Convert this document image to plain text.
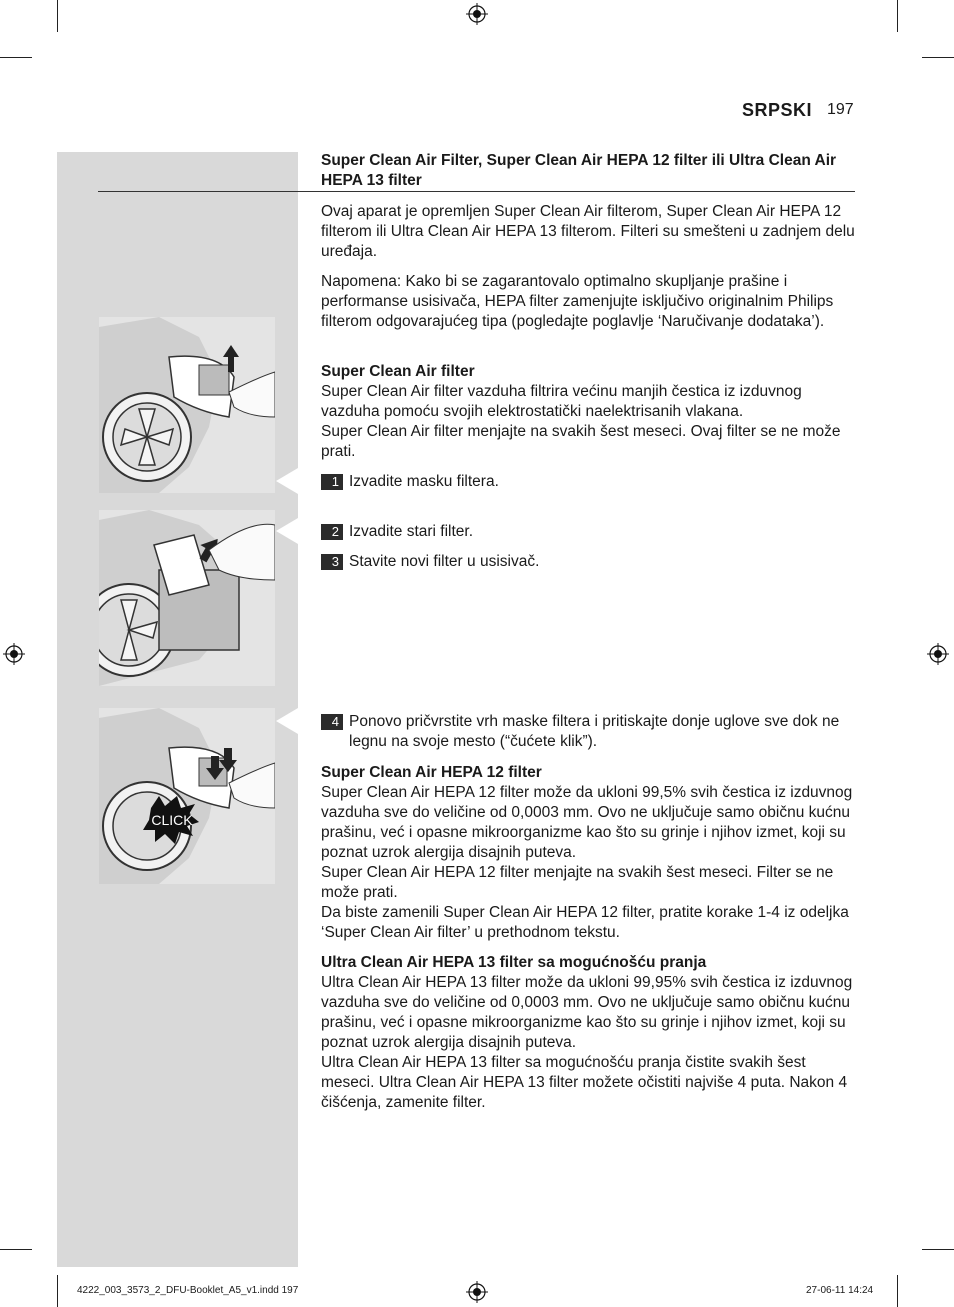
SRPSKI 197
CLICK
Super Clean Air Filter, Super Clean Air HEPA 12 filter ili Ultra Clean Air HEPA 13 filter

Ovaj aparat je opremljen Super Clean Air filterom, Super Clean Air HEPA 12 filterom ili Ultra Clean Air HEPA 13 filterom. Filteri su smešteni u zadnjem delu uređaja.

Napomena: Kako bi se zagarantovalo optimalno skupljanje prašine i performanse usisivača, HEPA filter zamenjujte isključivo originalnim Philips filterom odgovarajućeg tipa (pogledajte poglavlje ‘Naručivanje dodataka’).

Super Clean Air filter

Super Clean Air filter vazduha filtrira većinu manjih čestica iz izduvnog vazduha pomoću svojih elektrostatički naelektrisanih vlakana.

Super Clean Air filter menjajte na svakih šest meseci. Ovaj filter se ne može prati.

1 Izvadite masku filtera.
2 Izvadite stari filter.
3 Stavite novi filter u usisivač.
4 Ponovo pričvrstite vrh maske filtera i pritiskajte donje uglove sve dok ne legnu na svoje mesto (“čućete klik”).

Super Clean Air HEPA 12 filter

Super Clean Air HEPA 12 filter može da ukloni 99,5% svih čestica iz izduvnog vazduha sve do veličine od 0,0003 mm. Ovo ne uključuje samo običnu kućnu prašinu, već i opasne mikroorganizme kao što su grinje i njihov izmet, koji su poznat uzrok alergija disajnih puteva.

Super Clean Air HEPA 12 filter menjajte na svakih šest meseci. Filter se ne može prati.

Da biste zamenili Super Clean Air HEPA 12 filter, pratite korake 1-4 iz odeljka ‘Super Clean Air filter’ u prethodnom tekstu.

Ultra Clean Air HEPA 13 filter sa mogućnošću pranja

Ultra Clean Air HEPA 13 filter može da ukloni 99,95% svih čestica iz izduvnog vazduha sve do veličine od 0,0003 mm. Ovo ne uključuje samo običnu kućnu prašinu, već i opasne mikroorganizme kao što su grinje i njihov izmet, koji su poznat uzrok alergija disajnih puteva.

Ultra Clean Air HEPA 13 filter sa mogućnošću pranja čistite svakih šest meseci. Ultra Clean Air HEPA 13 filter možete očistiti najviše 4 puta. Nakon 4 čišćenja, zamenite filter.

4222_003_3573_2_DFU-Booklet_A5_v1.indd 197	27-06-11 14:24
